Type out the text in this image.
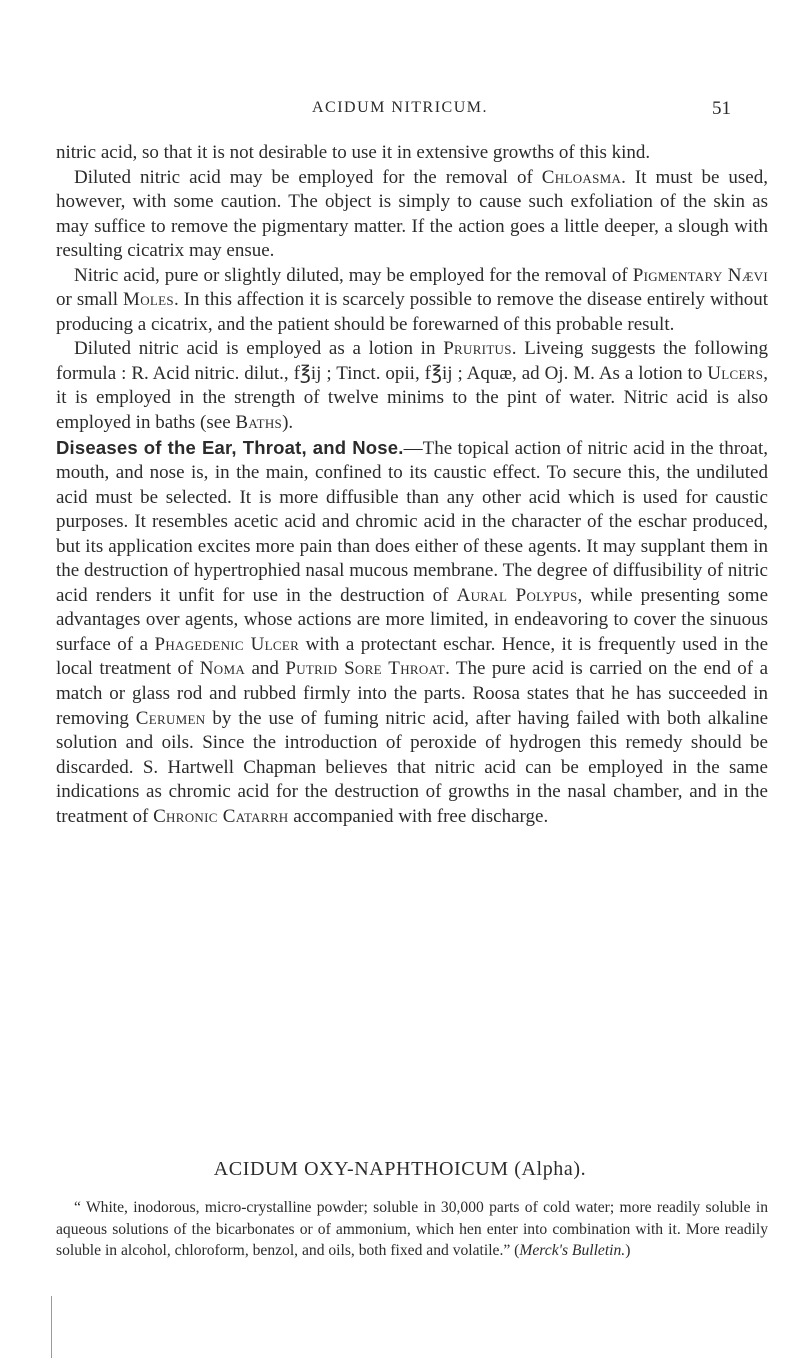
ACIDUM NITRICUM.	51

nitric acid, so that it is not desirable to use it in extensive growths of this kind.

Diluted nitric acid may be employed for the removal of Chloasma. It must be used, however, with some caution. The object is simply to cause such exfoliation of the skin as may suffice to remove the pigmentary matter. If the action goes a little deeper, a slough with resulting cicatrix may ensue.

Nitric acid, pure or slightly diluted, may be employed for the removal of Pigmentary Nævi or small Moles. In this affection it is scarcely possible to remove the disease entirely without producing a cicatrix, and the patient should be forewarned of this probable result.

Diluted nitric acid is employed as a lotion in Pruritus. Liveing suggests the following formula : R. Acid nitric. dilut., f℥ij ; Tinct. opii, f℥ij ; Aquæ, ad Oj. M. As a lotion to Ulcers, it is employed in the strength of twelve minims to the pint of water. Nitric acid is also employed in baths (see Baths).

Diseases of the Ear, Throat, and Nose.—The topical action of nitric acid in the throat, mouth, and nose is, in the main, confined to its caustic effect. To secure this, the undiluted acid must be selected. It is more diffusible than any other acid which is used for caustic purposes. It resembles acetic acid and chromic acid in the character of the eschar produced, but its application excites more pain than does either of these agents. It may supplant them in the destruction of hypertrophied nasal mucous membrane. The degree of diffusibility of nitric acid renders it unfit for use in the destruction of Aural Polypus, while presenting some advantages over agents, whose actions are more limited, in endeavoring to cover the sinuous surface of a Phagedenic Ulcer with a protectant eschar. Hence, it is frequently used in the local treatment of Noma and Putrid Sore Throat. The pure acid is carried on the end of a match or glass rod and rubbed firmly into the parts. Roosa states that he has succeeded in removing Cerumen by the use of fuming nitric acid, after having failed with both alkaline solution and oils. Since the introduction of peroxide of hydrogen this remedy should be discarded. S. Hartwell Chapman believes that nitric acid can be employed in the same indications as chromic acid for the destruction of growths in the nasal chamber, and in the treatment of Chronic Catarrh accompanied with free discharge.

ACIDUM OXY-NAPHTHOICUM (Alpha).

“ White, inodorous, micro-crystalline powder; soluble in 30,000 parts of cold water; more readily soluble in aqueous solutions of the bicarbonates or of ammonium, which hen enter into combination with it. More readily soluble in alcohol, chloroform, benzol, and oils, both fixed and volatile.” (Merck's Bulletin.)
